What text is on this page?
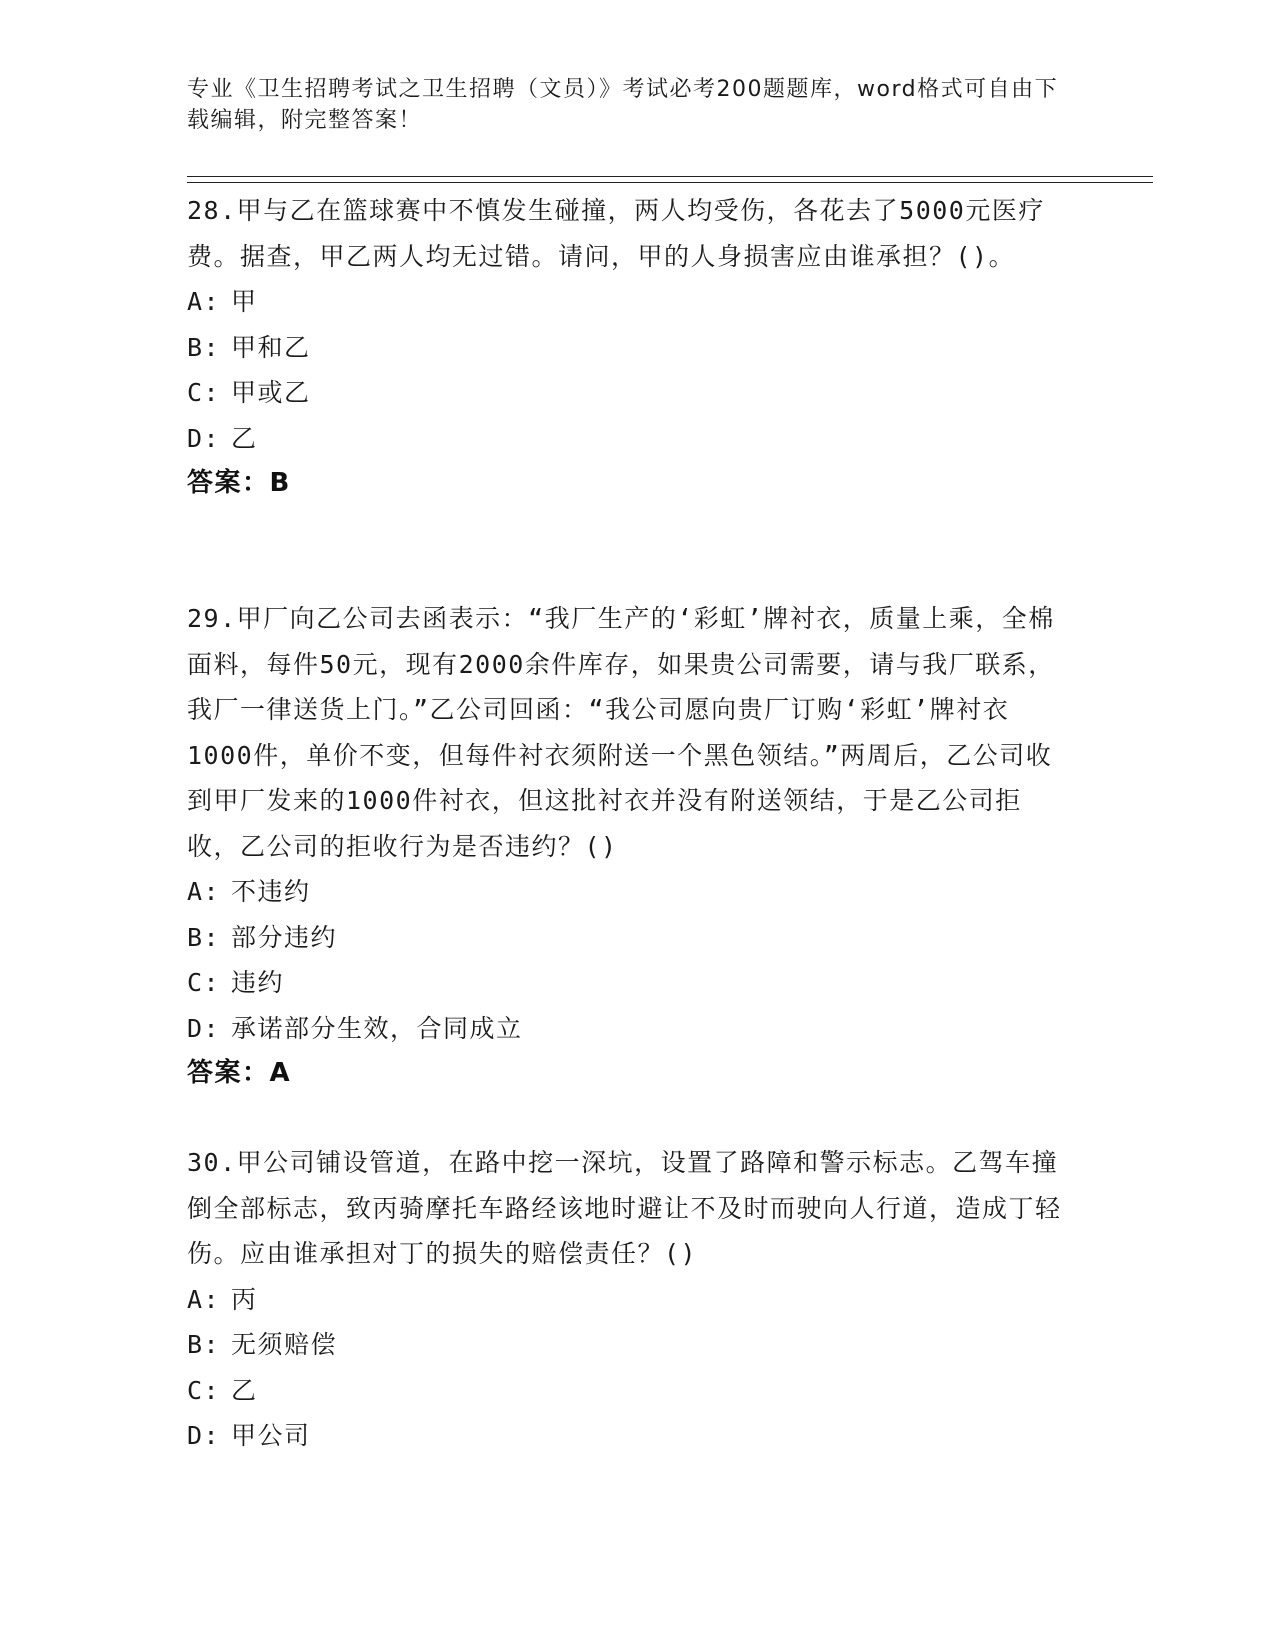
专业《卫生招聘考试之卫生招聘（文员）》考试必考200题题库，word格式可自由下载编辑，附完整答案！

28.甲与乙在篮球赛中不慎发生碰撞，两人均受伤，各花去了5000元医疗费。据查，甲乙两人均无过错。请问，甲的人身损害应由谁承担？()。

A: 甲
B: 甲和乙
C: 甲或乙
D: 乙
答案：B

29.甲厂向乙公司去函表示：“我厂生产的‘彩虹’牌衬衣，质量上乘，全棉面料，每件50元，现有2000余件库存，如果贵公司需要，请与我厂联系，我厂一律送货上门。”乙公司回函：“我公司愿向贵厂订购‘彩虹’牌衬衣1000件，单价不变，但每件衬衣须附送一个黑色领结。”两周后，乙公司收到甲厂发来的1000件衬衣，但这批衬衣并没有附送领结，于是乙公司拒收，乙公司的拒收行为是否违约？()

A: 不违约
B: 部分违约
C: 违约
D: 承诺部分生效，合同成立
答案：A

30.甲公司铺设管道，在路中挖一深坑，设置了路障和警示标志。乙驾车撞倒全部标志，致丙骑摩托车路经该地时避让不及时而驶向人行道，造成丁轻伤。应由谁承担对丁的损失的赔偿责任？()

A: 丙
B: 无须赔偿
C: 乙
D: 甲公司
